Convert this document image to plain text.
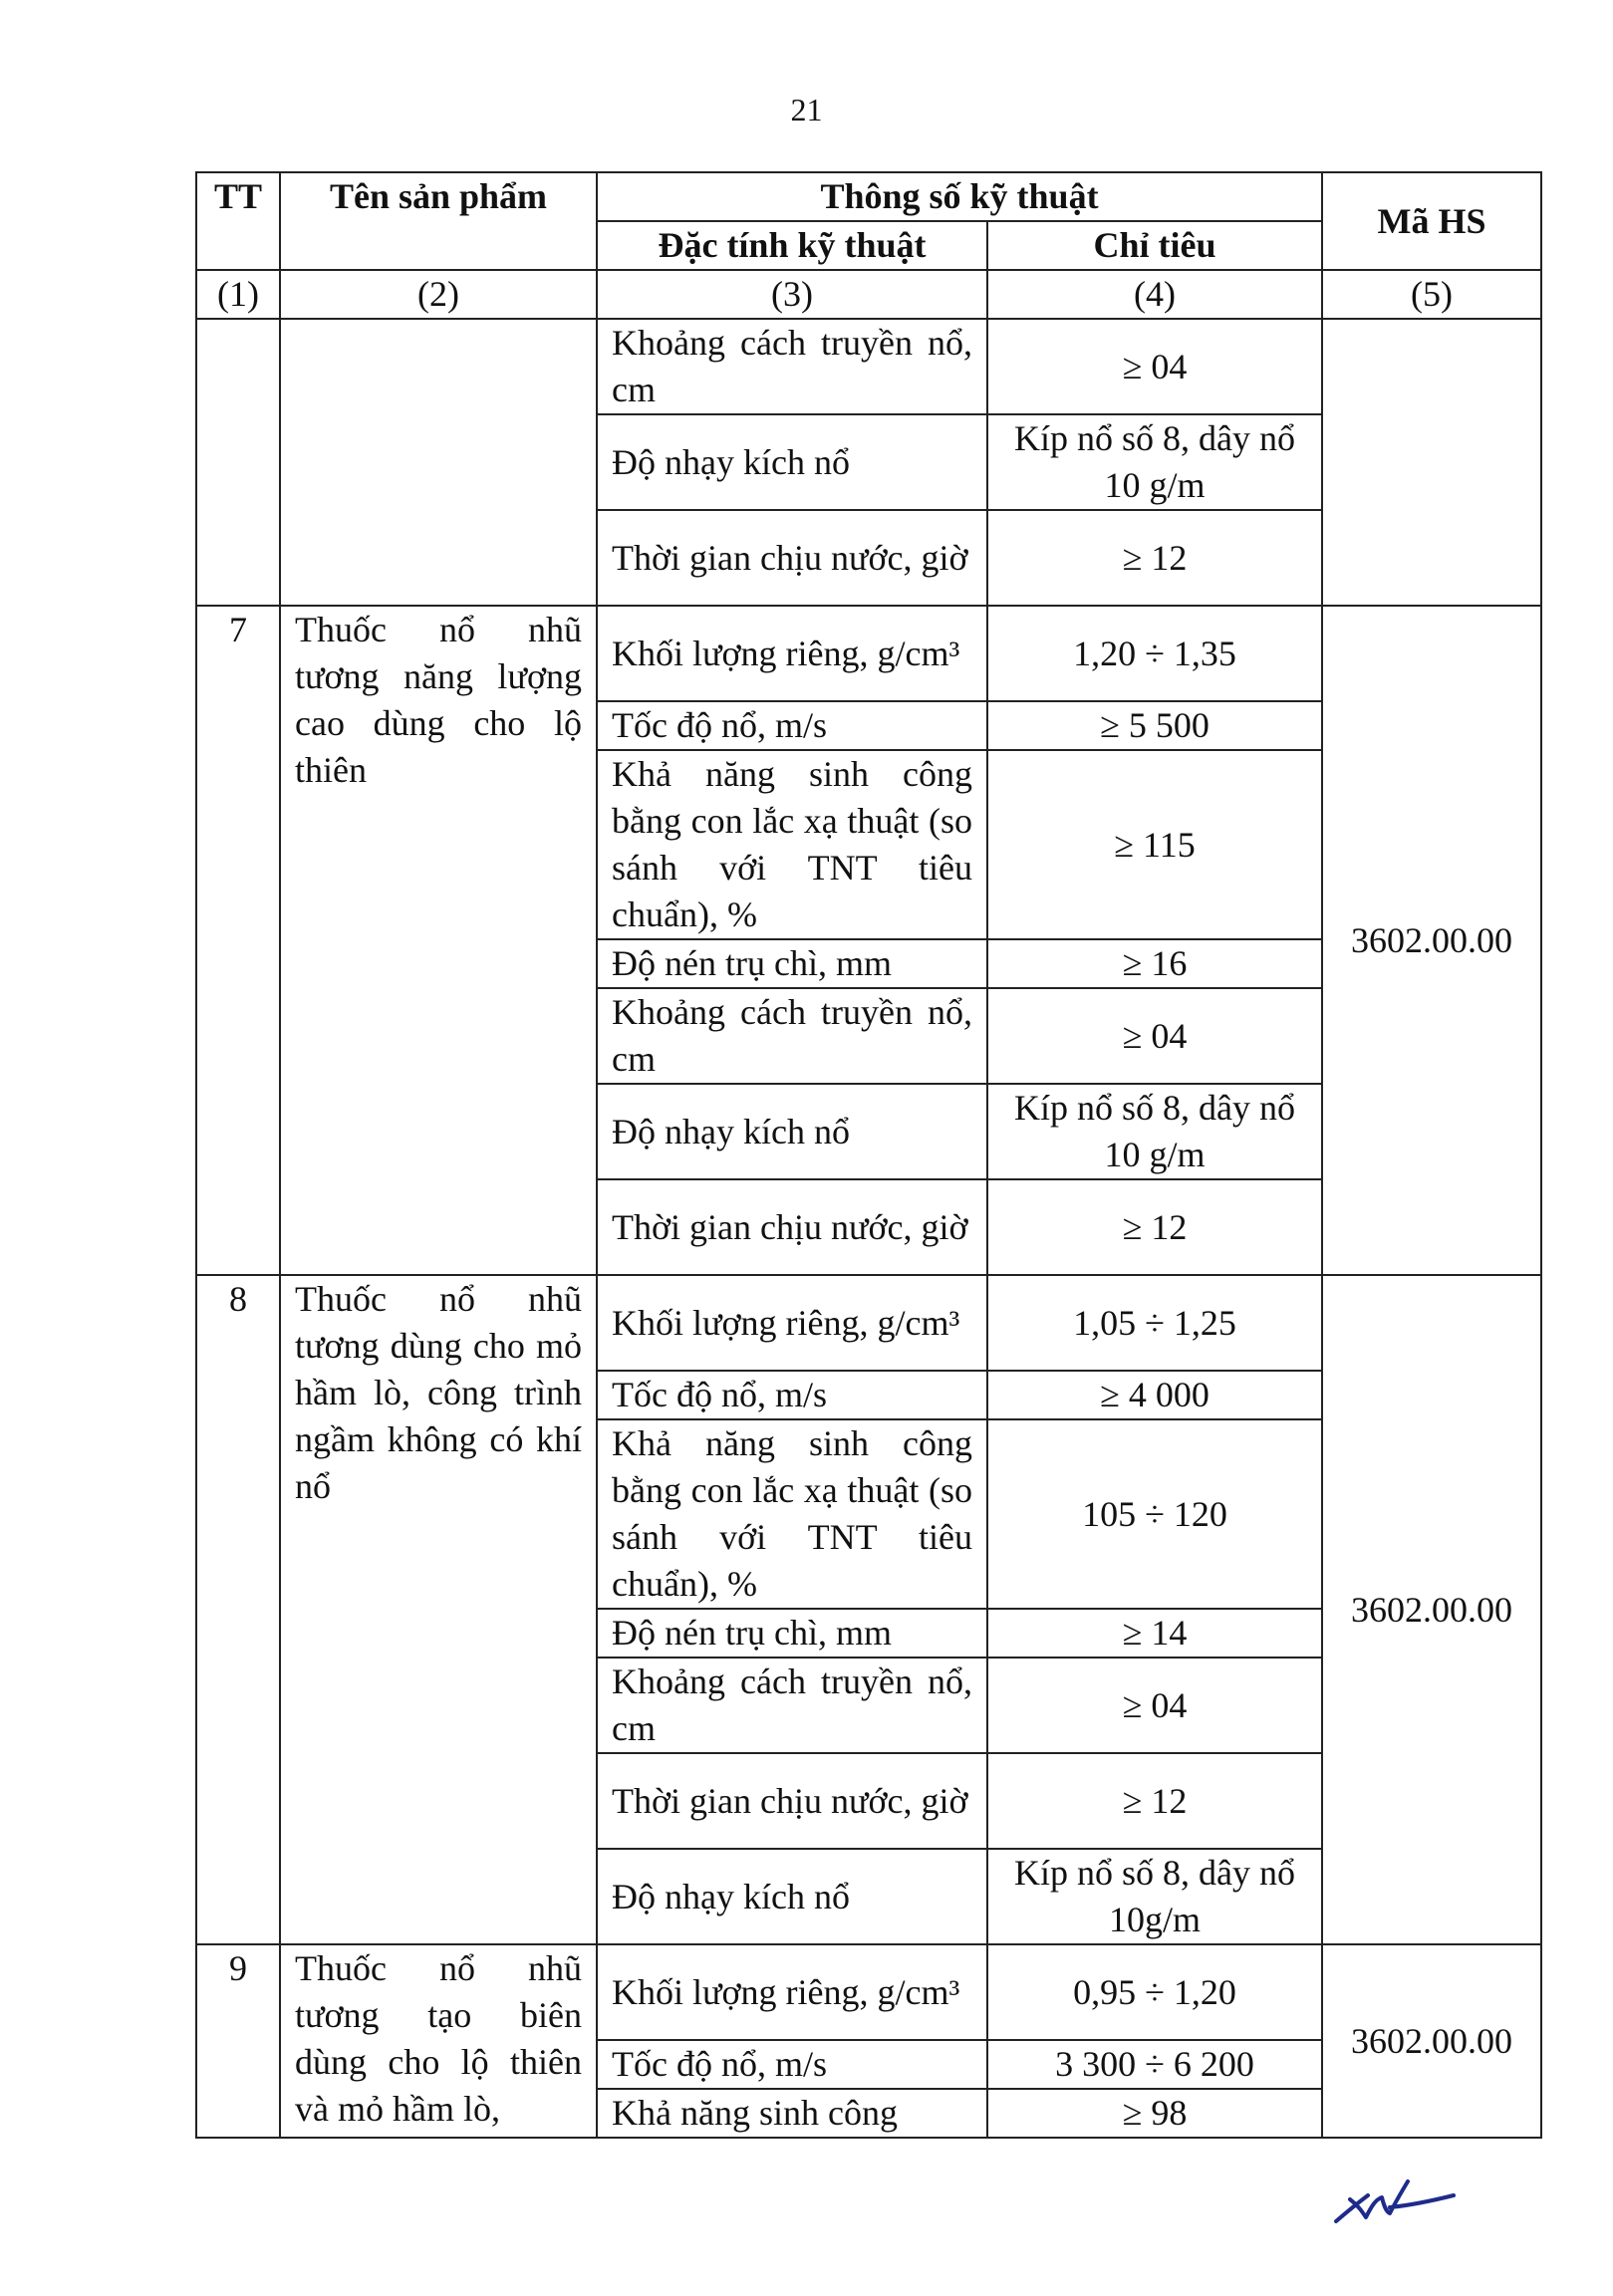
21
TT	Tên sản phẩm	Thông số kỹ thuật		Mã HS
		Đặc tính kỹ thuật	Chỉ tiêu	
(1)	(2)	(3)	(4)	(5)
		Khoảng cách truyền nổ, cm	≥ 04	
		Độ nhạy kích nổ	Kíp nổ số 8, dây nổ 10 g/m	
		Thời gian chịu nước, giờ	≥ 12	
7	Thuốc nổ nhũ tương năng lượng cao dùng cho lộ thiên	Khối lượng riêng, g/cm³	1,20 ÷ 1,35	3602.00.00
		Tốc độ nổ, m/s	≥ 5 500	
		Khả năng sinh công bằng con lắc xạ thuật (so sánh với TNT tiêu chuẩn), %	≥ 115	
		Độ nén trụ chì, mm	≥ 16	
		Khoảng cách truyền nổ, cm	≥ 04	
		Độ nhạy kích nổ	Kíp nổ số 8, dây nổ 10 g/m	
		Thời gian chịu nước, giờ	≥ 12	
8	Thuốc nổ nhũ tương dùng cho mỏ hầm lò, công trình ngầm không có khí nổ	Khối lượng riêng, g/cm³	1,05 ÷ 1,25	3602.00.00
		Tốc độ nổ, m/s	≥ 4 000	
		Khả năng sinh công bằng con lắc xạ thuật (so sánh với TNT tiêu chuẩn), %	105 ÷ 120	
		Độ nén trụ chì, mm	≥ 14	
		Khoảng cách truyền nổ, cm	≥ 04	
		Thời gian chịu nước, giờ	≥ 12	
		Độ nhạy kích nổ	Kíp nổ số 8, dây nổ 10g/m	
9	Thuốc nổ nhũ tương tạo biên dùng cho lộ thiên và mỏ hầm lò,	Khối lượng riêng, g/cm³	0,95 ÷ 1,20	3602.00.00
		Tốc độ nổ, m/s	3 300 ÷ 6 200	
		Khả năng sinh công	≥ 98	
